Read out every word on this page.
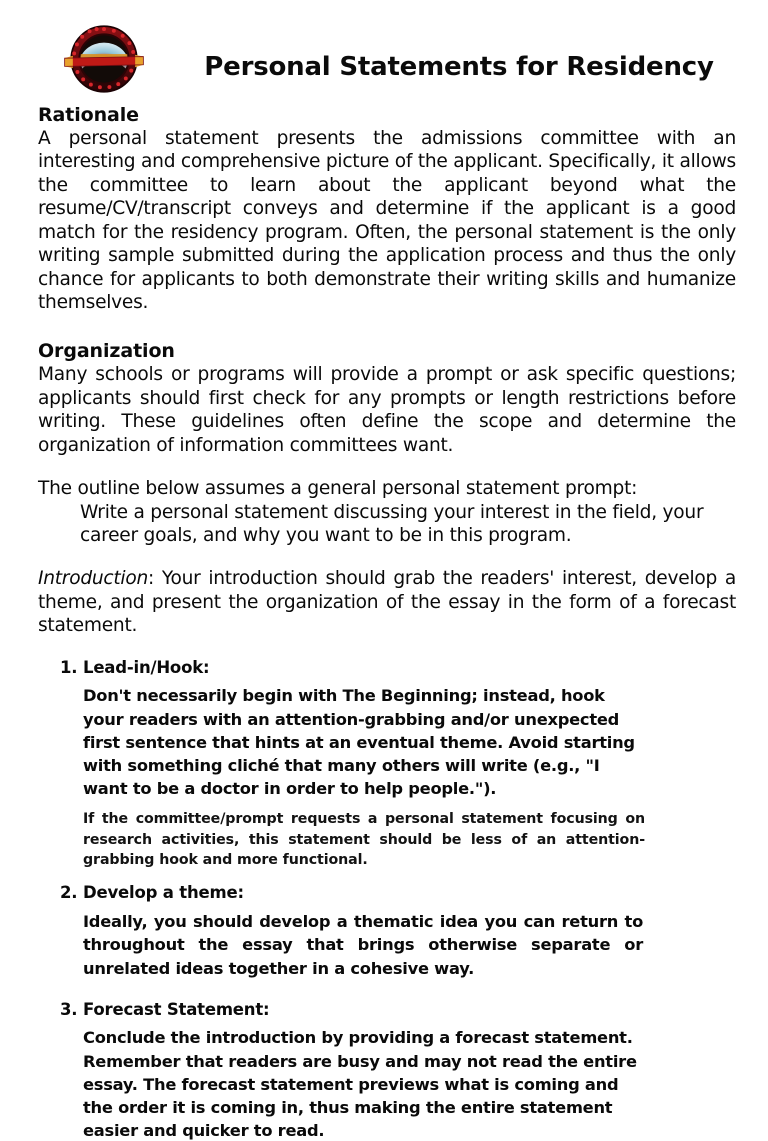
Personal Statements for Residency
Rationale

A personal statement presents the admissions committee with an interesting and comprehensive picture of the applicant. Specifically, it allows the committee to learn about the applicant beyond what the resume/CV/transcript conveys and determine if the applicant is a good match for the residency program. Often, the personal statement is the only writing sample submitted during the application process and thus the only chance for applicants to both demonstrate their writing skills and humanize themselves.

Organization

Many schools or programs will provide a prompt or ask specific questions; applicants should first check for any prompts or length restrictions before writing. These guidelines often define the scope and determine the organization of information committees want.

The outline below assumes a general personal statement prompt:

Write a personal statement discussing your interest in the field, your career goals, and why you want to be in this program.

Introduction: Your introduction should grab the readers' interest, develop a theme, and present the organization of the essay in the form of a forecast statement.

1. Lead-in/Hook:

Don't necessarily begin with The Beginning; instead, hook your readers with an attention-grabbing and/or unexpected first sentence that hints at an eventual theme. Avoid starting with something cliché that many others will write (e.g., "I want to be a doctor in order to help people.").

If the committee/prompt requests a personal statement focusing on research activities, this statement should be less of an attention-grabbing hook and more functional.

2. Develop a theme:

Ideally, you should develop a thematic idea you can return to throughout the essay that brings otherwise separate or unrelated ideas together in a cohesive way.

3. Forecast Statement:

Conclude the introduction by providing a forecast statement. Remember that readers are busy and may not read the entire essay. The forecast statement previews what is coming and the order it is coming in, thus making the entire statement easier and quicker to read.
